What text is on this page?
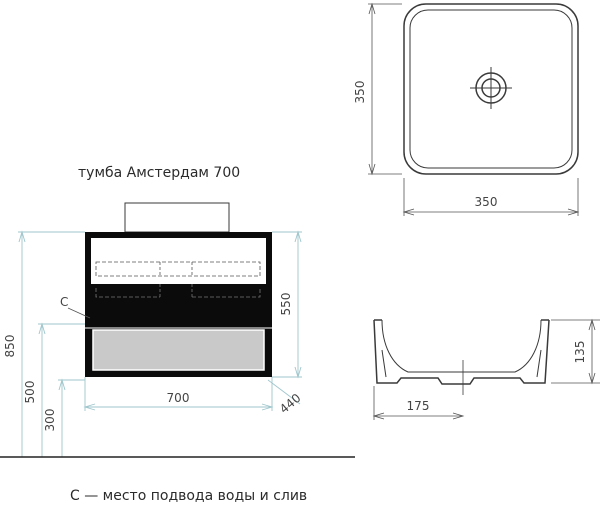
350
350
С
850
500
300
550
700	440
135
175
тумба Амстердам 700
С — место подвода воды и слив
